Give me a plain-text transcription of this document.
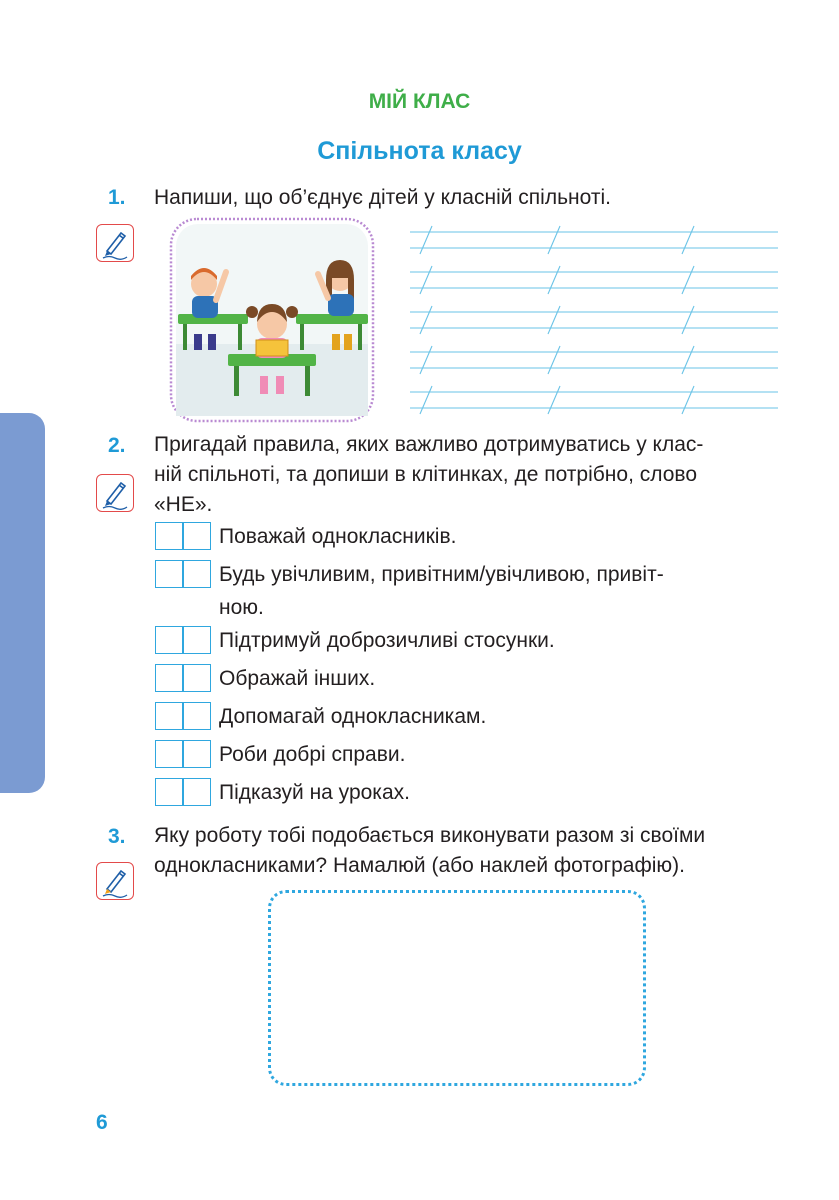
МІЙ КЛАС
Спільнота класу
1. Напиши, що об’єднує дітей у класній спільноті.
2. Пригадай правила, яких важливо дотримуватись у клас-
ній спільноті, та допиши в клітинках, де потрібно, слово
«НЕ».
Поважай однокласників.
Будь увічливим, привітним/увічливою, привіт-
ною.
Підтримуй доброзичливі стосунки.
Ображай інших.
Допомагай однокласникам.
Роби добрі справи.
Підказуй на уроках.
3. Яку роботу тобі подобається виконувати разом зі своїми
однокласниками? Намалюй (або наклей фотографію).
6
